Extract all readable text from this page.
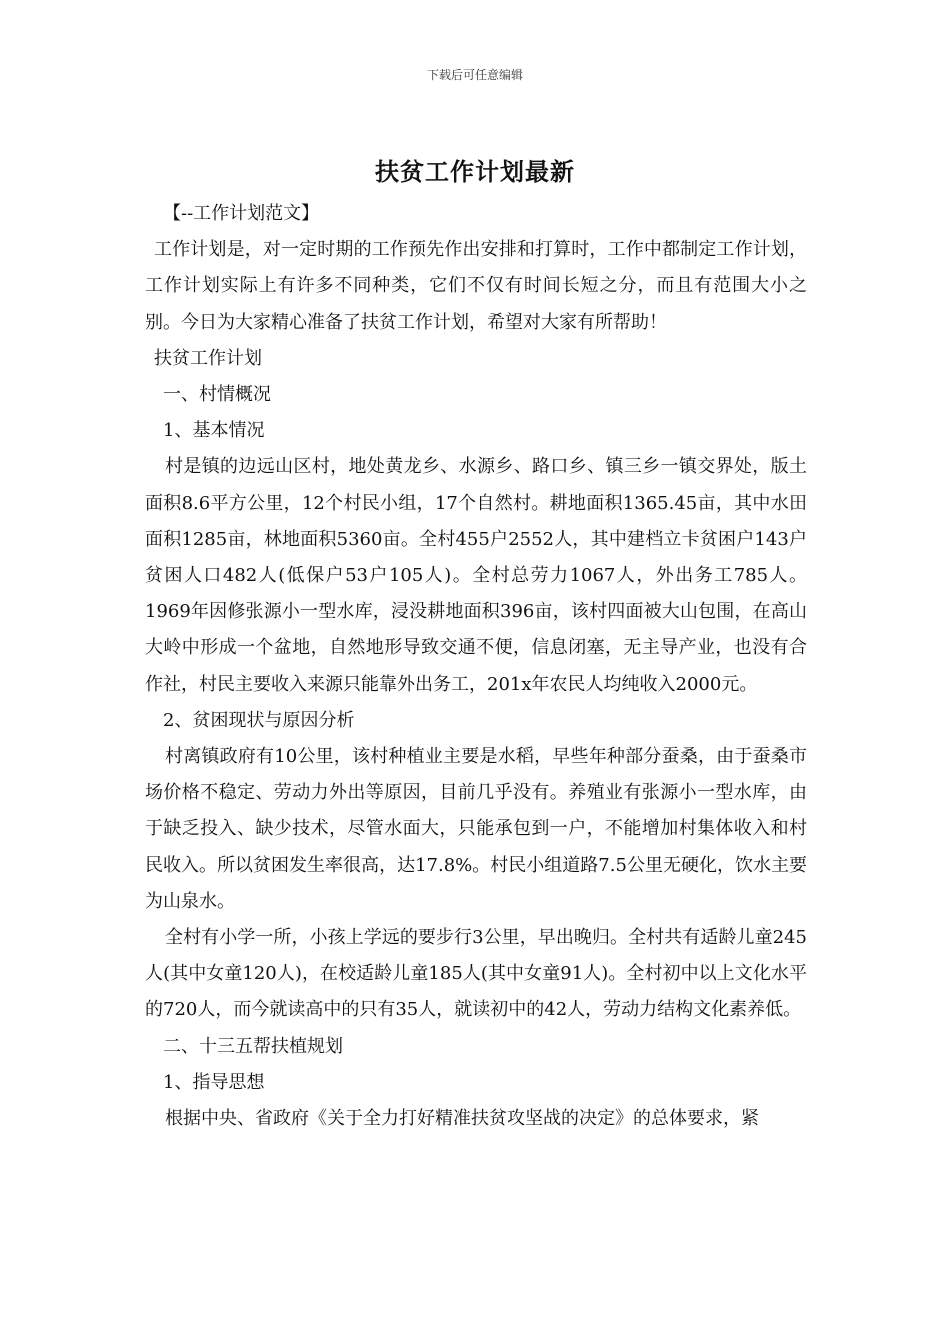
下载后可任意编辑
扶贫工作计划最新

【--工作计划范文】

工作计划是，对一定时期的工作预先作出安排和打算时，工作中都制定工作计划，工作计划实际上有许多不同种类，它们不仅有时间长短之分，而且有范围大小之别。今日为大家精心准备了扶贫工作计划，希望对大家有所帮助！

扶贫工作计划

一、村情概况

1、基本情况

村是镇的边远山区村，地处黄龙乡、水源乡、路口乡、镇三乡一镇交界处，版土面积8.6平方公里，12个村民小组，17个自然村。耕地面积1365.45亩，其中水田面积1285亩，林地面积5360亩。全村455户2552人，其中建档立卡贫困户143户贫困人口482人(低保户53户105人)。全村总劳力1067人，外出务工785人。1969年因修张源小一型水库，浸没耕地面积396亩，该村四面被大山包围，在高山大岭中形成一个盆地，自然地形导致交通不便，信息闭塞，无主导产业，也没有合作社，村民主要收入来源只能靠外出务工，201x年农民人均纯收入2000元。

2、贫困现状与原因分析

村离镇政府有10公里，该村种植业主要是水稻，早些年种部分蚕桑，由于蚕桑市场价格不稳定、劳动力外出等原因，目前几乎没有。养殖业有张源小一型水库，由于缺乏投入、缺少技术，尽管水面大，只能承包到一户，不能增加村集体收入和村民收入。所以贫困发生率很高，达17.8%。村民小组道路7.5公里无硬化，饮水主要为山泉水。

全村有小学一所，小孩上学远的要步行3公里，早出晚归。全村共有适龄儿童245人(其中女童120人)，在校适龄儿童185人(其中女童91人)。全村初中以上文化水平的720人，而今就读高中的只有35人，就读初中的42人，劳动力结构文化素养低。

二、十三五帮扶植规划

1、指导思想

根据中央、省政府《关于全力打好精准扶贫攻坚战的决定》的总体要求，紧
